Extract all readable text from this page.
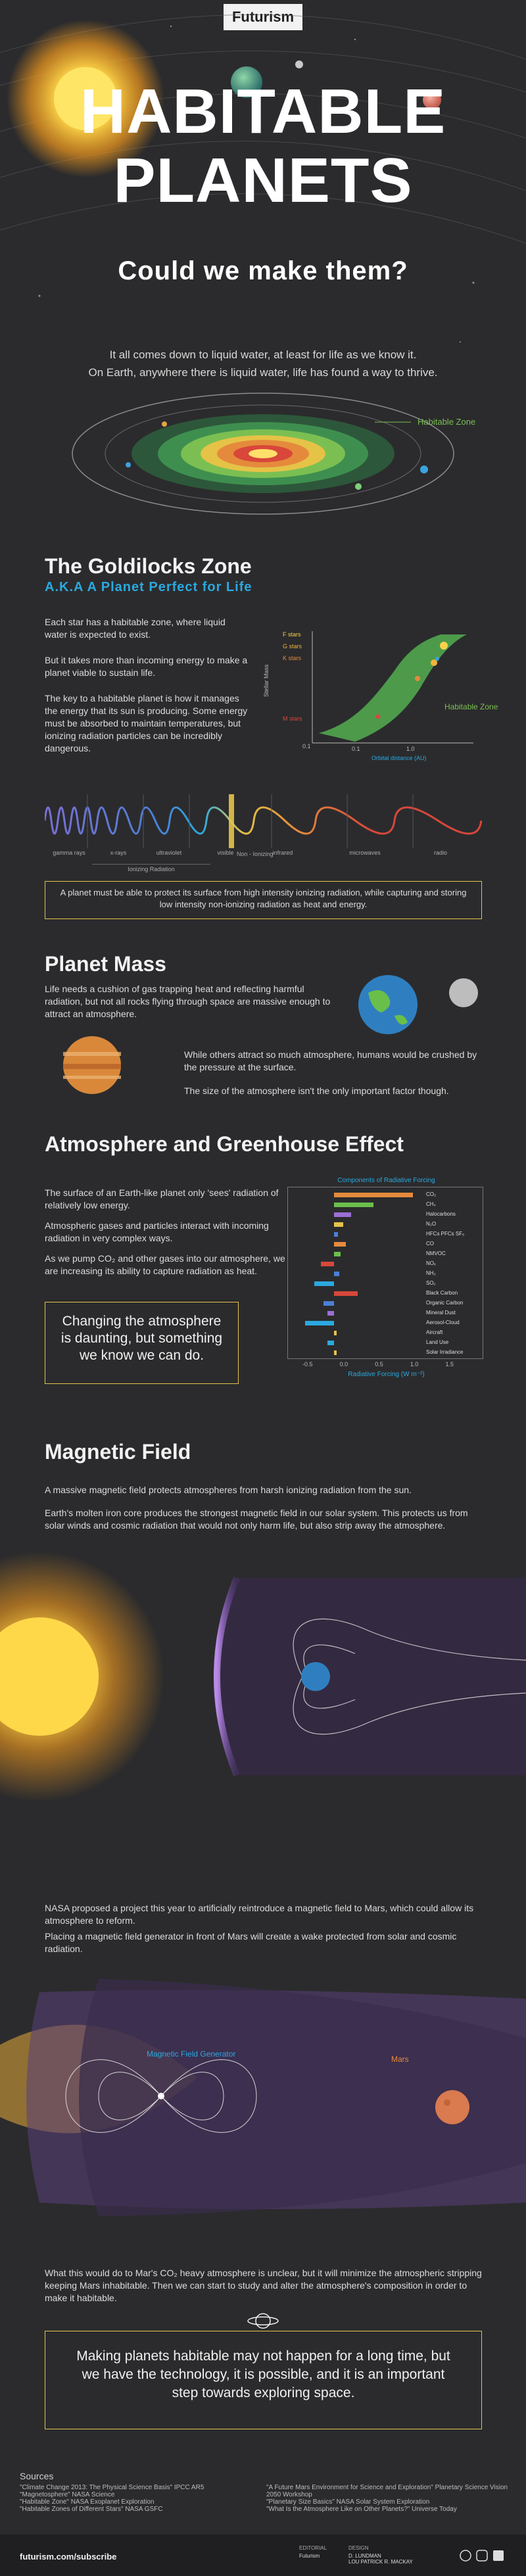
Futurism
HABITABLE
PLANETS
Could we make them?
It all comes down to liquid water, at least for life as we know it.
On Earth, anywhere there is liquid water, life has found a way to thrive.
Habitable Zone
The Goldilocks Zone
A.K.A A Planet Perfect for Life
Each star has a habitable zone, where liquid water is expected to exist.
But it takes more than incoming energy to make a planet viable to sustain life.
The key to a habitable planet is how it manages the energy that its sun is producing. Some energy must be absorbed to maintain temperatures, but ionizing radiation particles can be incredibly dangerous.
F stars
G stars
K stars
M stars
Stellar Mass
0.1	0.1	1.0
Orbital distance (AU)
Habitable Zone
gamma rays	x-rays	ultraviolet	visible	infrared	microwaves	radio
Ionizing Radiation
Non - Ionizing
A planet must be able to protect its surface from high intensity ionizing radiation, while capturing and storing low intensity non-ionizing radiation as heat and energy.
Planet Mass
Life needs a cushion of gas trapping heat and reflecting harmful radiation, but not all rocks flying through space are massive enough to attract an atmosphere.
While others attract so much atmosphere, humans would be crushed by the pressure at the surface.
The size of the atmosphere isn't the only important factor though.
Atmosphere and Greenhouse Effect
The surface of an Earth-like planet only 'sees' radiation of relatively low energy.
Atmospheric gases and particles interact with incoming radiation in very complex ways.
As we pump CO₂ and other gases into our atmosphere, we are increasing its ability to capture radiation as heat.
Changing the atmosphere is daunting, but something we know we can do.
Components of Radiative Forcing
CO₂
CH₄
Halocarbons
N₂O
HFCs PFCs SF₆
CO
NMVOC
NOₓ
NH₃
SO₂
Black Carbon
Organic Carbon
Mineral Dust
Aerosol-Cloud
Aircraft
Land Use
Solar Irradiance
Radiative Forcing (W m⁻²)
-0.5	0.0	0.5	1.0	1.5
Magnetic Field
A massive magnetic field protects atmospheres from harsh ionizing radiation from the sun.
Earth's molten iron core produces the strongest magnetic field in our solar system. This protects us from solar winds and cosmic radiation that would not only harm life, but also strip away the atmosphere.
NASA proposed a project this year to artificially reintroduce a magnetic field to Mars, which could allow its atmosphere to reform.
Placing a magnetic field generator in front of Mars will create a wake protected from solar and cosmic radiation.
Magnetic Field Generator
Mars
What this would do to Mar's CO₂ heavy atmosphere is unclear, but it will minimize the atmospheric stripping keeping Mars inhabitable. Then we can start to study and alter the atmosphere's composition in order to make it habitable.
Making planets habitable may not happen for a long time, but we have the technology, it is possible, and it is an important step towards exploring space.
Sources
"Climate Change 2013: The Physical Science Basis" IPCC AR5
"Magnetosphere" NASA Science
"Habitable Zone" NASA Exoplanet Exploration
"Habitable Zones of Different Stars" NASA GSFC
"A Future Mars Environment for Science and Exploration" Planetary Science Vision 2050 Workshop
"Planetary Size Basics" NASA Solar System Exploration
"What Is the Atmosphere Like on Other Planets?" Universe Today
futurism.com/subscribe
EDITORIAL
Futurism
DESIGN
D. LUNDMAN
LOU PATRICK R. MACKAY
